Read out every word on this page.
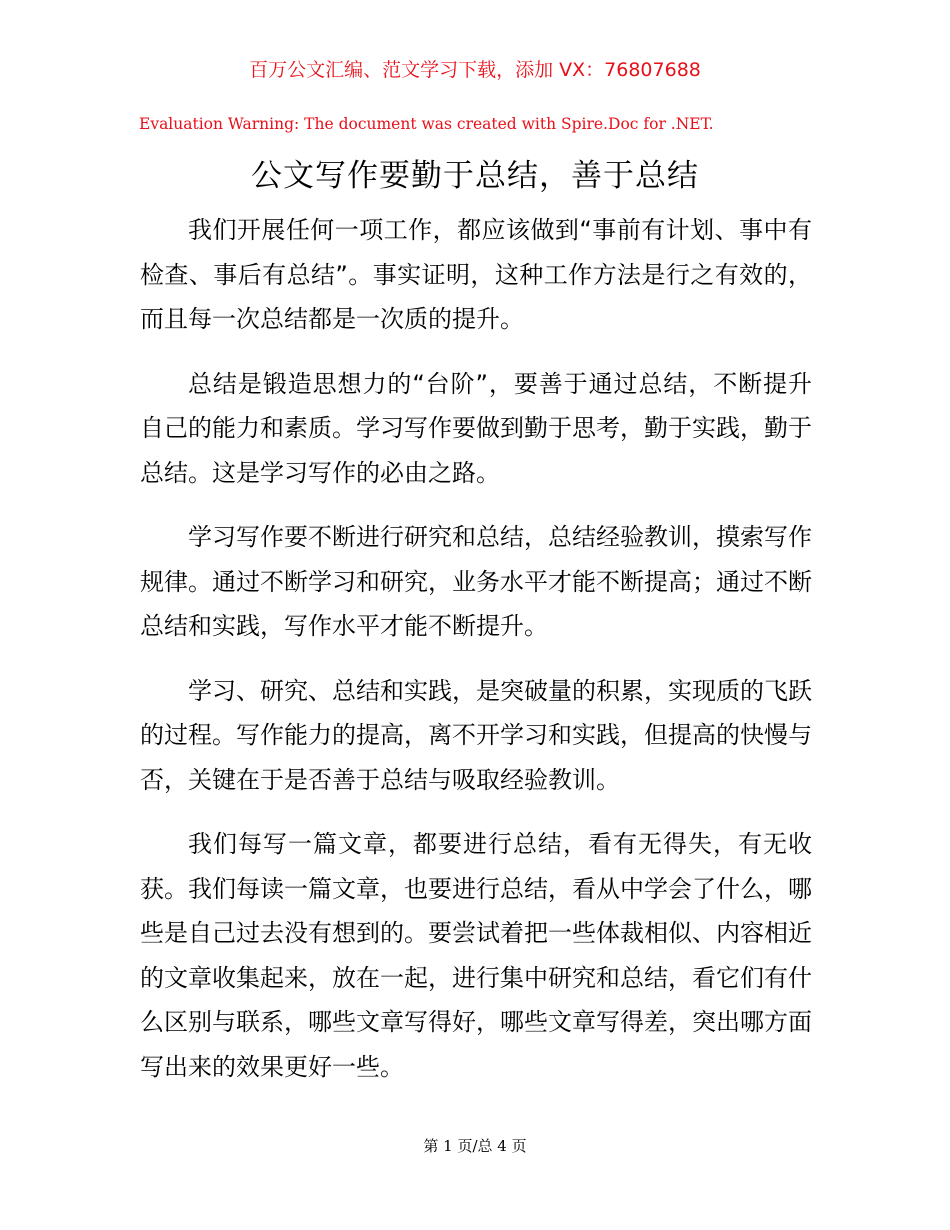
百万公文汇编、范文学习下载，添加 VX：76807688
Evaluation Warning: The document was created with Spire.Doc for .NET.
公文写作要勤于总结，善于总结

我们开展任何一项工作，都应该做到“事前有计划、事中有检查、事后有总结”。事实证明，这种工作方法是行之有效的，而且每一次总结都是一次质的提升。

总结是锻造思想力的“台阶”，要善于通过总结，不断提升自己的能力和素质。学习写作要做到勤于思考，勤于实践，勤于总结。这是学习写作的必由之路。

学习写作要不断进行研究和总结，总结经验教训，摸索写作规律。通过不断学习和研究，业务水平才能不断提高；通过不断总结和实践，写作水平才能不断提升。

学习、研究、总结和实践，是突破量的积累，实现质的飞跃的过程。写作能力的提高，离不开学习和实践，但提高的快慢与否，关键在于是否善于总结与吸取经验教训。

我们每写一篇文章，都要进行总结，看有无得失，有无收获。我们每读一篇文章，也要进行总结，看从中学会了什么，哪些是自己过去没有想到的。要尝试着把一些体裁相似、内容相近的文章收集起来，放在一起，进行集中研究和总结，看它们有什么区别与联系，哪些文章写得好，哪些文章写得差，突出哪方面写出来的效果更好一些。

第 1 页/总 4 页
